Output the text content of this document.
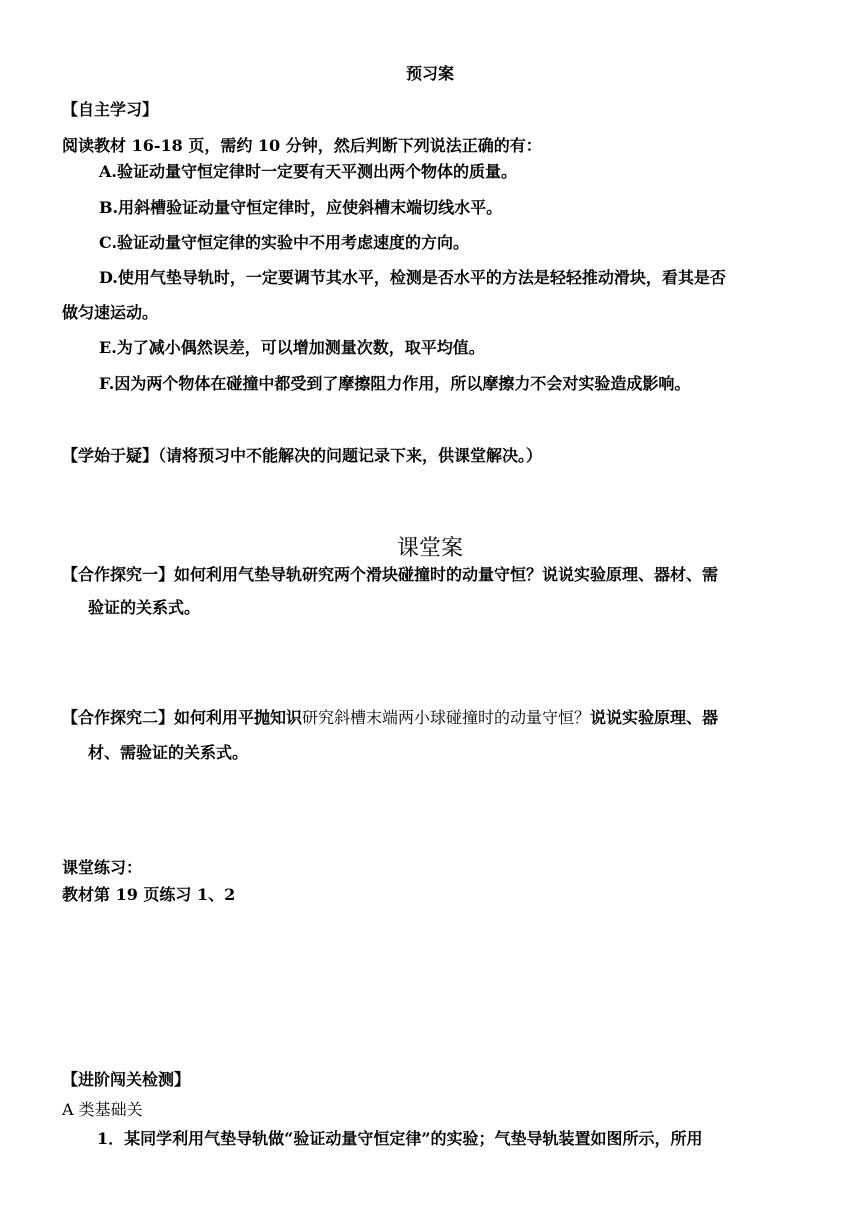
预习案
【自主学习】
阅读教材 16-18 页，需约 10 分钟，然后判断下列说法正确的有：
A.验证动量守恒定律时一定要有天平测出两个物体的质量。
B.用斜槽验证动量守恒定律时，应使斜槽末端切线水平。
C.验证动量守恒定律的实验中不用考虑速度的方向。
D.使用气垫导轨时，一定要调节其水平，检测是否水平的方法是轻轻推动滑块，看其是否
做匀速运动。
E.为了减小偶然误差，可以增加测量次数，取平均值。
F.因为两个物体在碰撞中都受到了摩擦阻力作用，所以摩擦力不会对实验造成影响。
【学始于疑】（请将预习中不能解决的问题记录下来，供课堂解决。）
课堂案
【合作探究一】如何利用气垫导轨研究两个滑块碰撞时的动量守恒？说说实验原理、器材、需
验证的关系式。
【合作探究二】如何利用平抛知识研究斜槽末端两小球碰撞时的动量守恒？说说实验原理、器
材、需验证的关系式。
课堂练习：
教材第 19 页练习 1、2
【进阶闯关检测】
A 类基础关
1．某同学利用气垫导轨做“验证动量守恒定律”的实验；气垫导轨装置如图所示，所用
